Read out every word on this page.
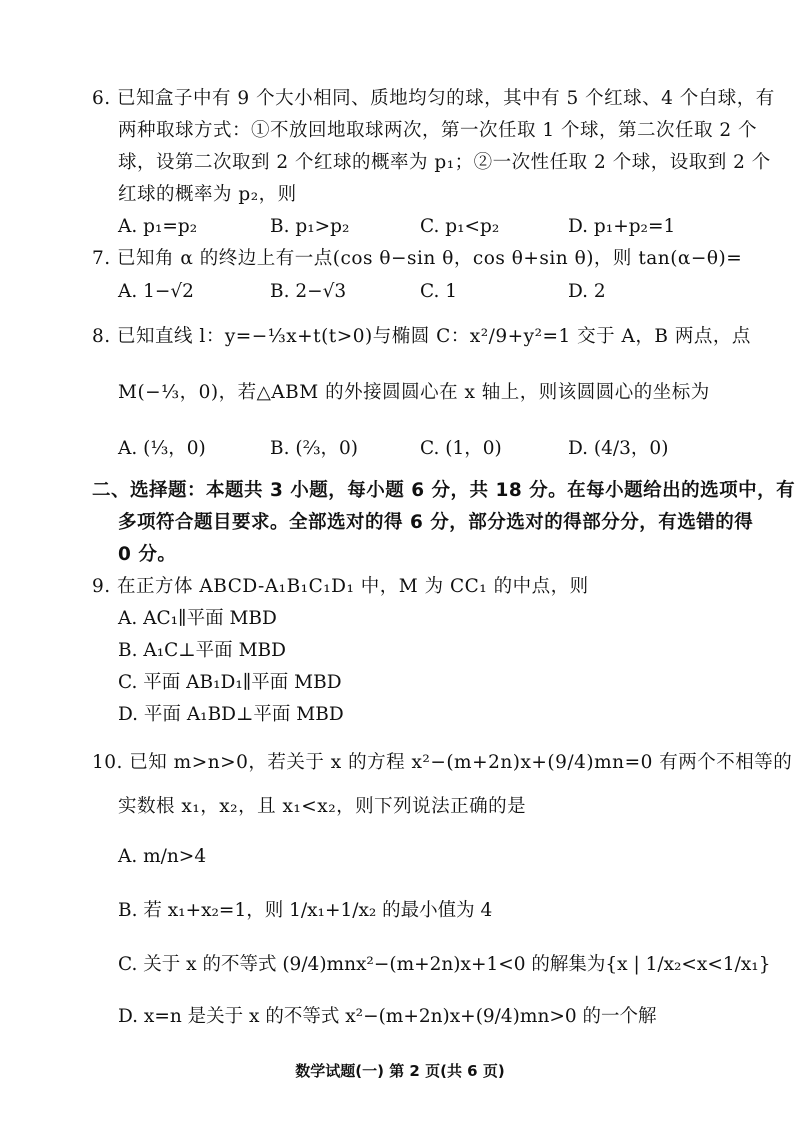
6. 已知盒子中有 9 个大小相同、质地均匀的球，其中有 5 个红球、4 个白球，有
两种取球方式：①不放回地取球两次，第一次任取 1 个球，第二次任取 2 个
球，设第二次取到 2 个红球的概率为 p₁；②一次性任取 2 个球，设取到 2 个
红球的概率为 p₂，则
A. p₁=p₂	B. p₁>p₂	C. p₁<p₂	D. p₁+p₂=1
7. 已知角 α 的终边上有一点(cos θ−sin θ，cos θ+sin θ)，则 tan(α−θ)=
A. 1−√2	B. 2−√3	C. 1	D. 2
8. 已知直线 l：y=−⅓x+t(t>0)与椭圆 C：x²/9+y²=1 交于 A，B 两点，点
M(−⅓，0)，若△ABM 的外接圆圆心在 x 轴上，则该圆圆心的坐标为
A. (⅓，0)	B. (⅔，0)	C. (1，0)	D. (4/3，0)
二、选择题：本题共 3 小题，每小题 6 分，共 18 分。在每小题给出的选项中，有
多项符合题目要求。全部选对的得 6 分，部分选对的得部分分，有选错的得
0 分。
9. 在正方体 ABCD-A₁B₁C₁D₁ 中，M 为 CC₁ 的中点，则
A. AC₁∥平面 MBD
B. A₁C⊥平面 MBD
C. 平面 AB₁D₁∥平面 MBD
D. 平面 A₁BD⊥平面 MBD
10. 已知 m>n>0，若关于 x 的方程 x²−(m+2n)x+(9/4)mn=0 有两个不相等的
实数根 x₁，x₂，且 x₁<x₂，则下列说法正确的是
A. m/n>4
B. 若 x₁+x₂=1，则 1/x₁+1/x₂ 的最小值为 4
C. 关于 x 的不等式 (9/4)mnx²−(m+2n)x+1<0 的解集为{x | 1/x₂<x<1/x₁}
D. x=n 是关于 x 的不等式 x²−(m+2n)x+(9/4)mn>0 的一个解
数学试题(一) 第 2 页(共 6 页)
